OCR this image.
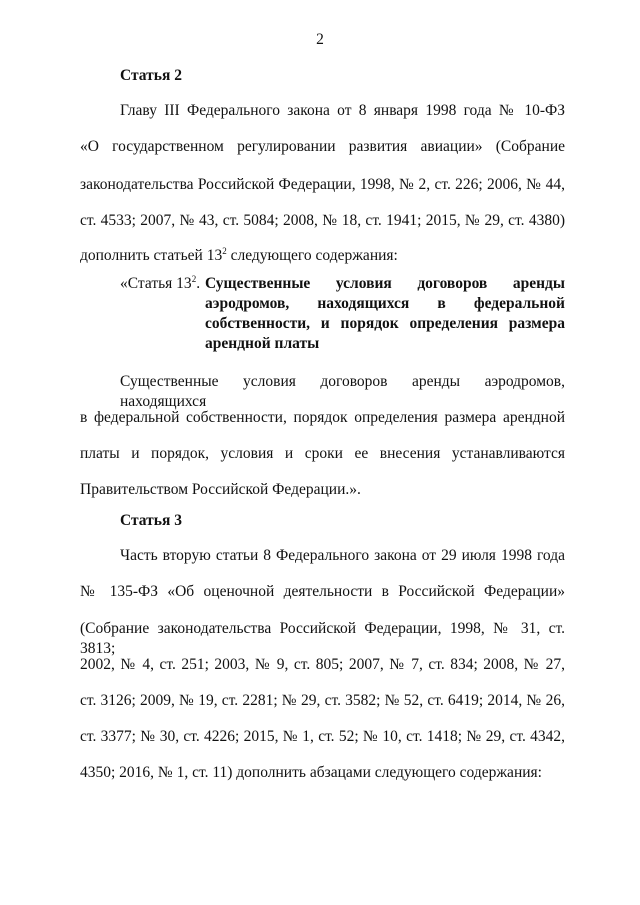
2
Статья 2
Главу III Федерального закона от 8 января 1998 года № 10-ФЗ
«О государственном регулировании развития авиации» (Собрание
законодательства Российской Федерации, 1998, № 2, ст. 226; 2006, № 44,
ст. 4533; 2007, № 43, ст. 5084; 2008, № 18, ст. 1941; 2015, № 29, ст. 4380)
дополнить статьей $13^2$ следующего содержания:
«Статья $13^2$. Существенные условия договоров аренды
аэродромов, находящихся в федеральной
собственности, и порядок определения размера
арендной платы
Существенные условия договоров аренды аэродромов, находящихся
в федеральной собственности, порядок определения размера арендной
платы и порядок, условия и сроки ее внесения устанавливаются
Правительством Российской Федерации.».
Статья 3
Часть вторую статьи 8 Федерального закона от 29 июля 1998 года
№ 135-ФЗ «Об оценочной деятельности в Российской Федерации»
(Собрание законодательства Российской Федерации, 1998, № 31, ст. 3813;
2002, № 4, ст. 251; 2003, № 9, ст. 805; 2007, № 7, ст. 834; 2008, № 27,
ст. 3126; 2009, № 19, ст. 2281; № 29, ст. 3582; № 52, ст. 6419; 2014, № 26,
ст. 3377; № 30, ст. 4226; 2015, № 1, ст. 52; № 10, ст. 1418; № 29, ст. 4342,
4350; 2016, № 1, ст. 11) дополнить абзацами следующего содержания:
